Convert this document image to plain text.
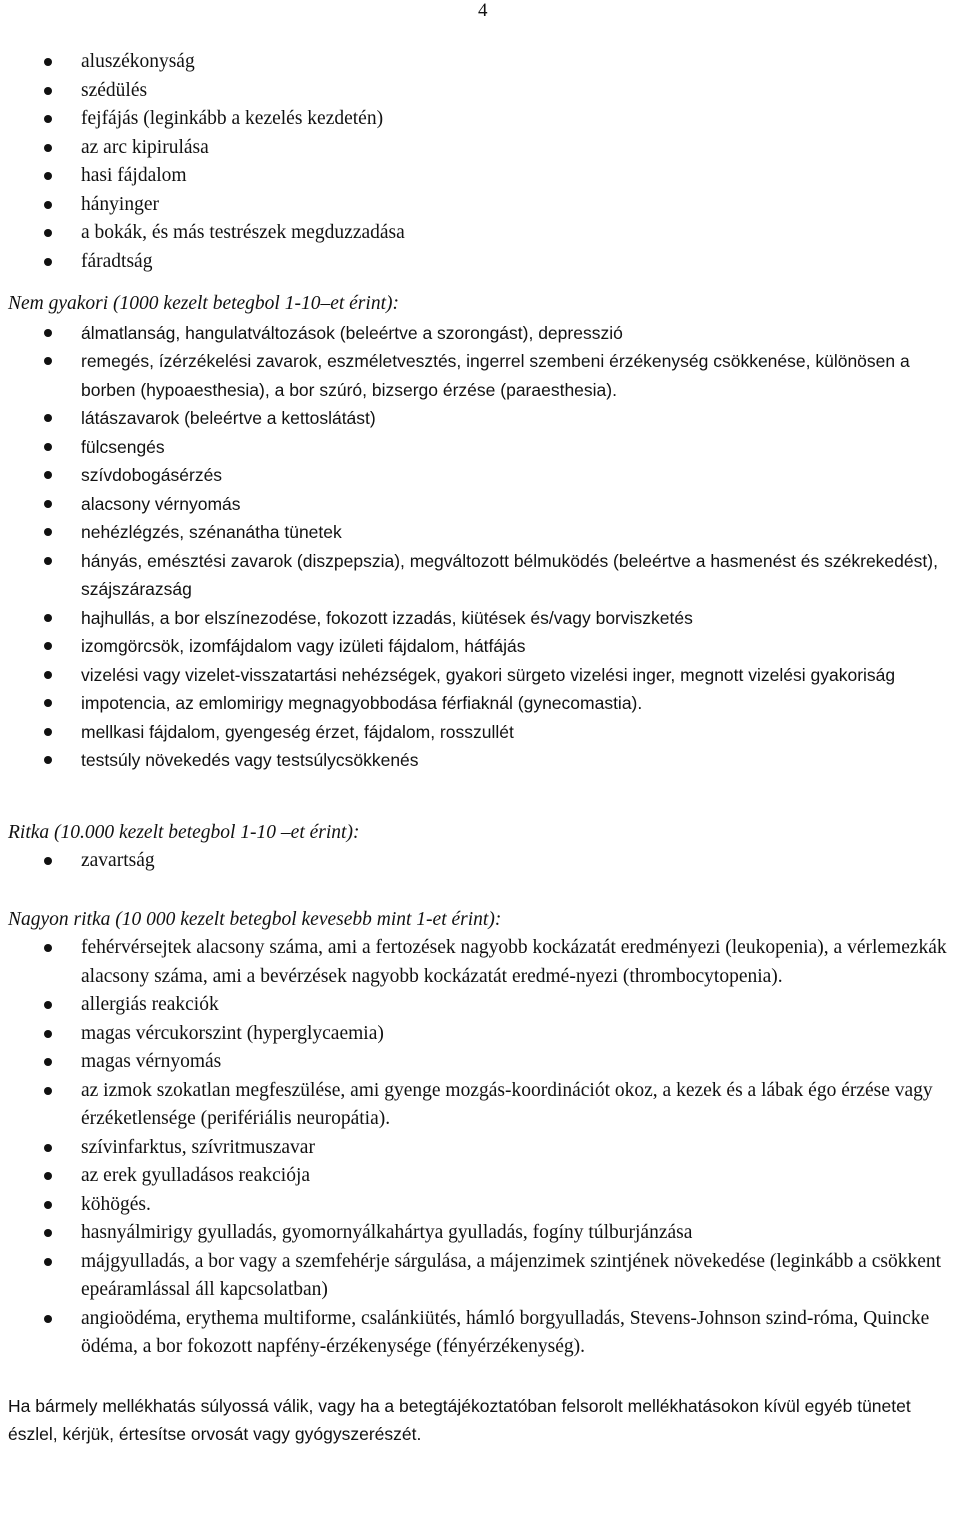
4
aluszékonyság
szédülés
fejfájás (leginkább a kezelés kezdetén)
az arc kipirulása
hasi fájdalom
hányinger
a bokák, és más testrészek megduzzadása
fáradtság

Nem gyakori (1000 kezelt betegbol 1-10–et érint):

álmatlanság, hangulatváltozások (beleértve a szorongást), depresszió
remegés, ízérzékelési zavarok, eszméletvesztés, ingerrel szembeni érzékenység csökkenése, különösen a borben (hypoaesthesia), a bor szúró, bizsergo érzése (paraesthesia).
látászavarok (beleértve a kettoslátást)
fülcsengés
szívdobogásérzés
alacsony vérnyomás
nehézlégzés, szénanátha tünetek
hányás, emésztési zavarok (diszpepszia), megváltozott bélmuködés (beleértve a hasmenést és székrekedést), szájszárazság
hajhullás, a bor elszínezodése, fokozott izzadás, kiütések és/vagy borviszketés
izomgörcsök, izomfájdalom vagy izületi fájdalom, hátfájás
vizelési vagy vizelet-visszatartási nehézségek, gyakori sürgeto vizelési inger, megnott vizelési gyakoriság
impotencia, az emlomirigy megnagyobbodása férfiaknál (gynecomastia).
mellkasi fájdalom, gyengeség érzet, fájdalom, rosszullét
testsúly növekedés vagy testsúlycsökkenés

Ritka (10.000 kezelt betegbol 1-10 –et érint):

zavartság

Nagyon ritka (10 000 kezelt betegbol kevesebb mint 1-et érint):

fehérvérsejtek alacsony száma, ami a fertozések nagyobb kockázatát eredményezi (leukopenia), a vérlemezkák alacsony száma, ami a bevérzések nagyobb kockázatát eredmé-nyezi (thrombocytopenia).
allergiás reakciók
magas vércukorszint (hyperglycaemia)
magas vérnyomás
az izmok szokatlan megfeszülése, ami gyenge mozgás-koordinációt okoz, a kezek és a lábak égo érzése vagy érzéketlensége (perifériális neuropátia).
szívinfarktus, szívritmuszavar
az erek gyulladásos reakciója
köhögés.
hasnyálmirigy gyulladás, gyomornyálkahártya gyulladás, fogíny túlburjánzása
májgyulladás, a bor vagy a szemfehérje sárgulása, a májenzimek szintjének növekedése (leginkább a csökkent epeáramlással áll kapcsolatban)
angioödéma, erythema multiforme, csalánkiütés, hámló borgyulladás, Stevens-Johnson szind-róma, Quincke ödéma, a bor fokozott napfény-érzékenysége (fényérzékenység).

Ha bármely mellékhatás súlyossá válik, vagy ha a betegtájékoztatóban felsorolt mellékhatásokon kívül egyéb tünetet észlel, kérjük, értesítse orvosát vagy gyógyszerészét.
